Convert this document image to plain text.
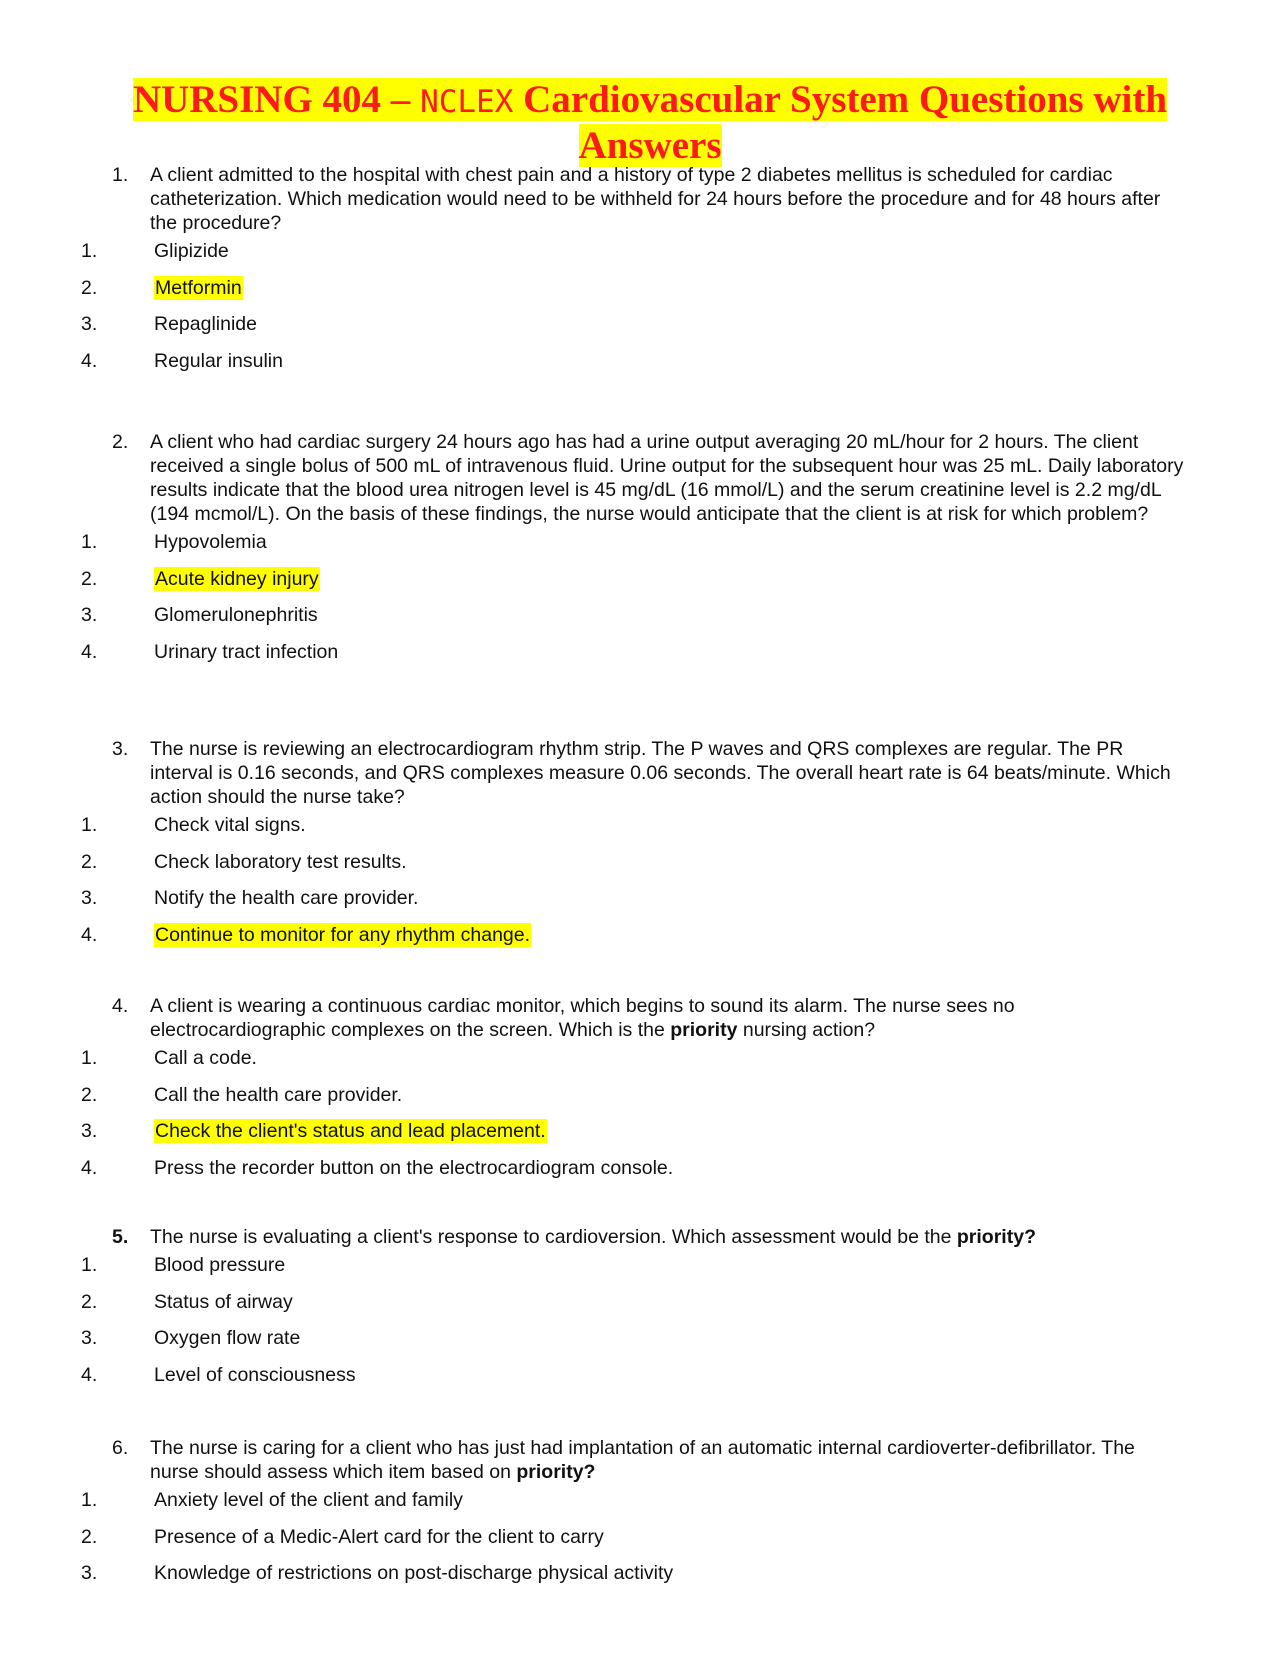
NURSING 404 – NCLEX Cardiovascular System Questions with Answers

1. A client admitted to the hospital with chest pain and a history of type 2 diabetes mellitus is scheduled for cardiac catheterization. Which medication would need to be withheld for 24 hours before the procedure and for 48 hours after the procedure?

1.	Glipizide
2.	Metformin
3.	Repaglinide
4.	Regular insulin

2. A client who had cardiac surgery 24 hours ago has had a urine output averaging 20 mL/hour for 2 hours. The client received a single bolus of 500 mL of intravenous fluid. Urine output for the subsequent hour was 25 mL. Daily laboratory results indicate that the blood urea nitrogen level is 45 mg/dL (16 mmol/L) and the serum creatinine level is 2.2 mg/dL (194 mcmol/L). On the basis of these findings, the nurse would anticipate that the client is at risk for which problem?

1.	Hypovolemia
2.	Acute kidney injury
3.	Glomerulonephritis
4.	Urinary tract infection

3. The nurse is reviewing an electrocardiogram rhythm strip. The P waves and QRS complexes are regular. The PR interval is 0.16 seconds, and QRS complexes measure 0.06 seconds. The overall heart rate is 64 beats/minute. Which action should the nurse take?

1.	Check vital signs.
2.	Check laboratory test results.
3.	Notify the health care provider.
4.	Continue to monitor for any rhythm change.

4. A client is wearing a continuous cardiac monitor, which begins to sound its alarm. The nurse sees no electrocardiographic complexes on the screen. Which is the priority nursing action?

1.	Call a code.
2.	Call the health care provider.
3.	Check the client's status and lead placement.
4.	Press the recorder button on the electrocardiogram console.

5. The nurse is evaluating a client's response to cardioversion. Which assessment would be the priority?

1.	Blood pressure
2.	Status of airway
3.	Oxygen flow rate
4.	Level of consciousness

6. The nurse is caring for a client who has just had implantation of an automatic internal cardioverter-defibrillator. The nurse should assess which item based on priority?

1.	Anxiety level of the client and family
2.	Presence of a Medic-Alert card for the client to carry
3.	Knowledge of restrictions on post-discharge physical activity
